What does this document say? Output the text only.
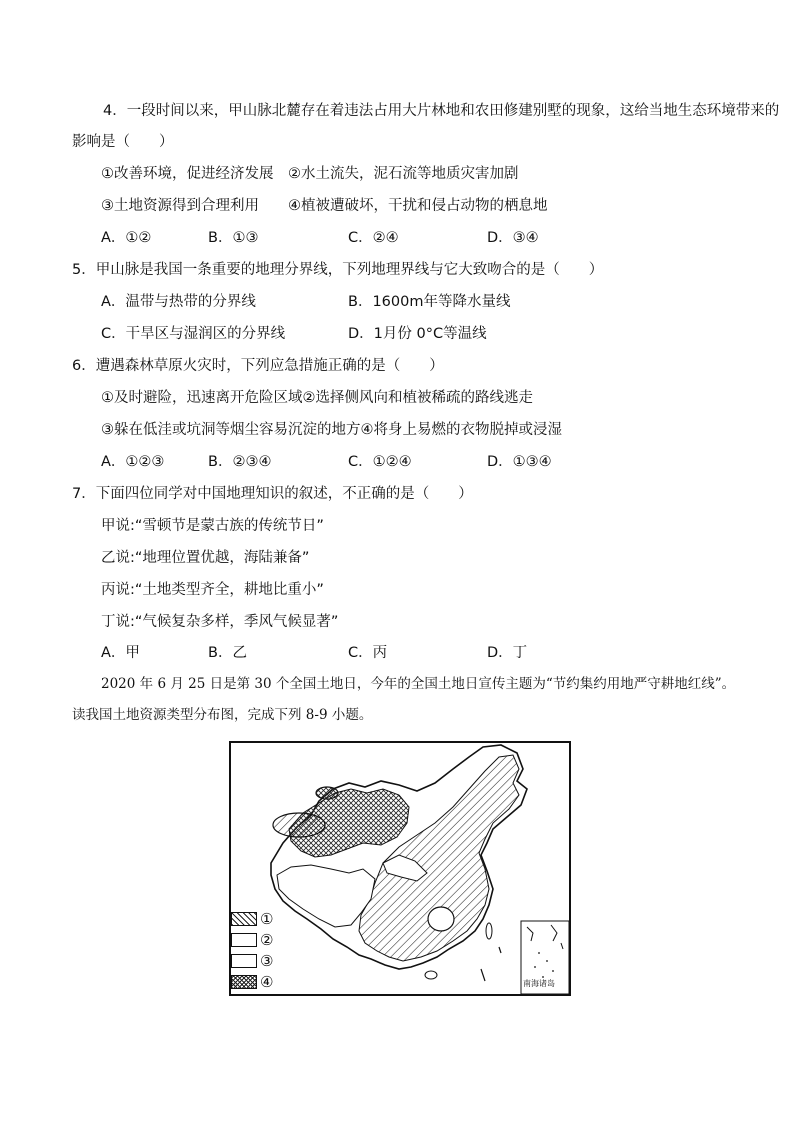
4．一段时间以来，甲山脉北麓存在着违法占用大片林地和农田修建别墅的现象，这给当地生态环境带来的
影响是（　　）
①改善环境，促进经济发展　②水土流失，泥石流等地质灾害加剧
③土地资源得到合理利用　　④植被遭破坏，干扰和侵占动物的栖息地
A．①②	B．①③	C．②④	D．③④
5．甲山脉是我国一条重要的地理分界线，下列地理界线与它大致吻合的是（　　）
A．温带与热带的分界线	B．1600m年等降水量线
C．干旱区与湿润区的分界线	D．1月份 0°C等温线
6．遭遇森林草原火灾时，下列应急措施正确的是（　　）
①及时避险，迅速离开危险区域②选择侧风向和植被稀疏的路线逃走
③躲在低洼或坑洞等烟尘容易沉淀的地方④将身上易燃的衣物脱掉或浸湿
A．①②③	B．②③④	C．①②④	D．①③④
7．下面四位同学对中国地理知识的叙述，不正确的是（　　）
甲说:“雪顿节是蒙古族的传统节日”
乙说:“地理位置优越，海陆兼备”
丙说:“土地类型齐全，耕地比重小”
丁说:“气候复杂多样，季风气候显著”
A．甲	B．乙	C．丙	D．丁
2020 年 6 月 25 日是第 30 个全国土地日，今年的全国土地日宣传主题为“节约集约用地严守耕地红线”。
读我国土地资源类型分布图，完成下列 8-9 小题。
南海诸岛
①
②
③
④
